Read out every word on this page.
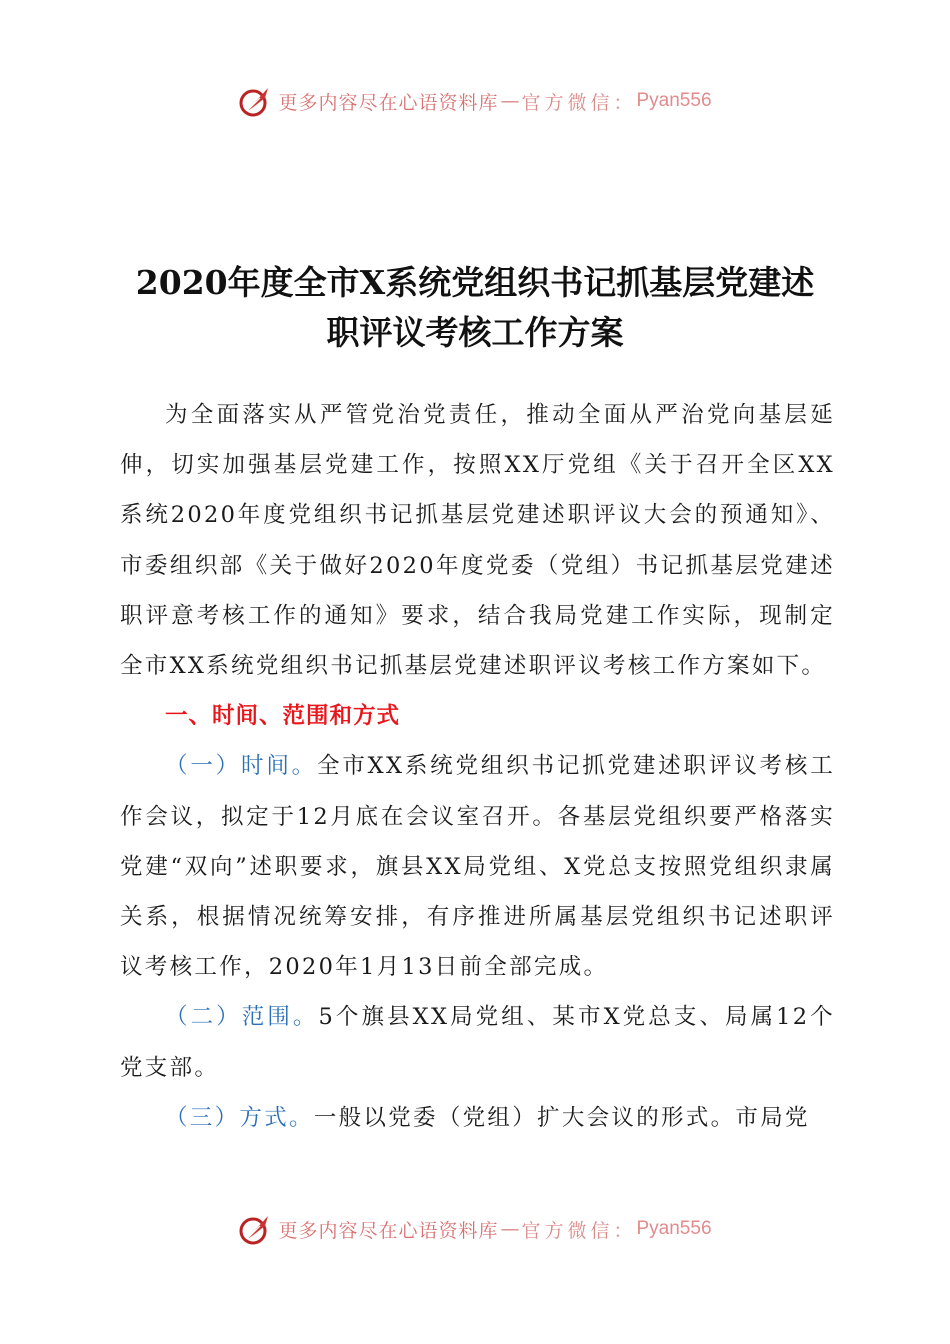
更多内容尽在心语资料库 — 官方微信： Pyan556
2020年度全市X系统党组织书记抓基层党建述
职评议考核工作方案

为全面落实从严管党治党责任，推动全面从严治党向基层延伸，切实加强基层党建工作，按照XX厅党组《关于召开全区XX系统2020年度党组织书记抓基层党建述职评议大会的预通知》、市委组织部《关于做好2020年度党委（党组）书记抓基层党建述职评意考核工作的通知》要求，结合我局党建工作实际，现制定全市XX系统党组织书记抓基层党建述职评议考核工作方案如下。

一、时间、范围和方式

（一）时间。全市XX系统党组织书记抓党建述职评议考核工作会议，拟定于12月底在会议室召开。各基层党组织要严格落实党建“双向”述职要求，旗县XX局党组、X党总支按照党组织隶属关系，根据情况统筹安排，有序推进所属基层党组织书记述职评议考核工作，2020年1月13日前全部完成。

（二）范围。5个旗县XX局党组、某市X党总支、局属12个党支部。

（三）方式。一般以党委（党组）扩大会议的形式。市局党

更多内容尽在心语资料库 — 官方微信： Pyan556
